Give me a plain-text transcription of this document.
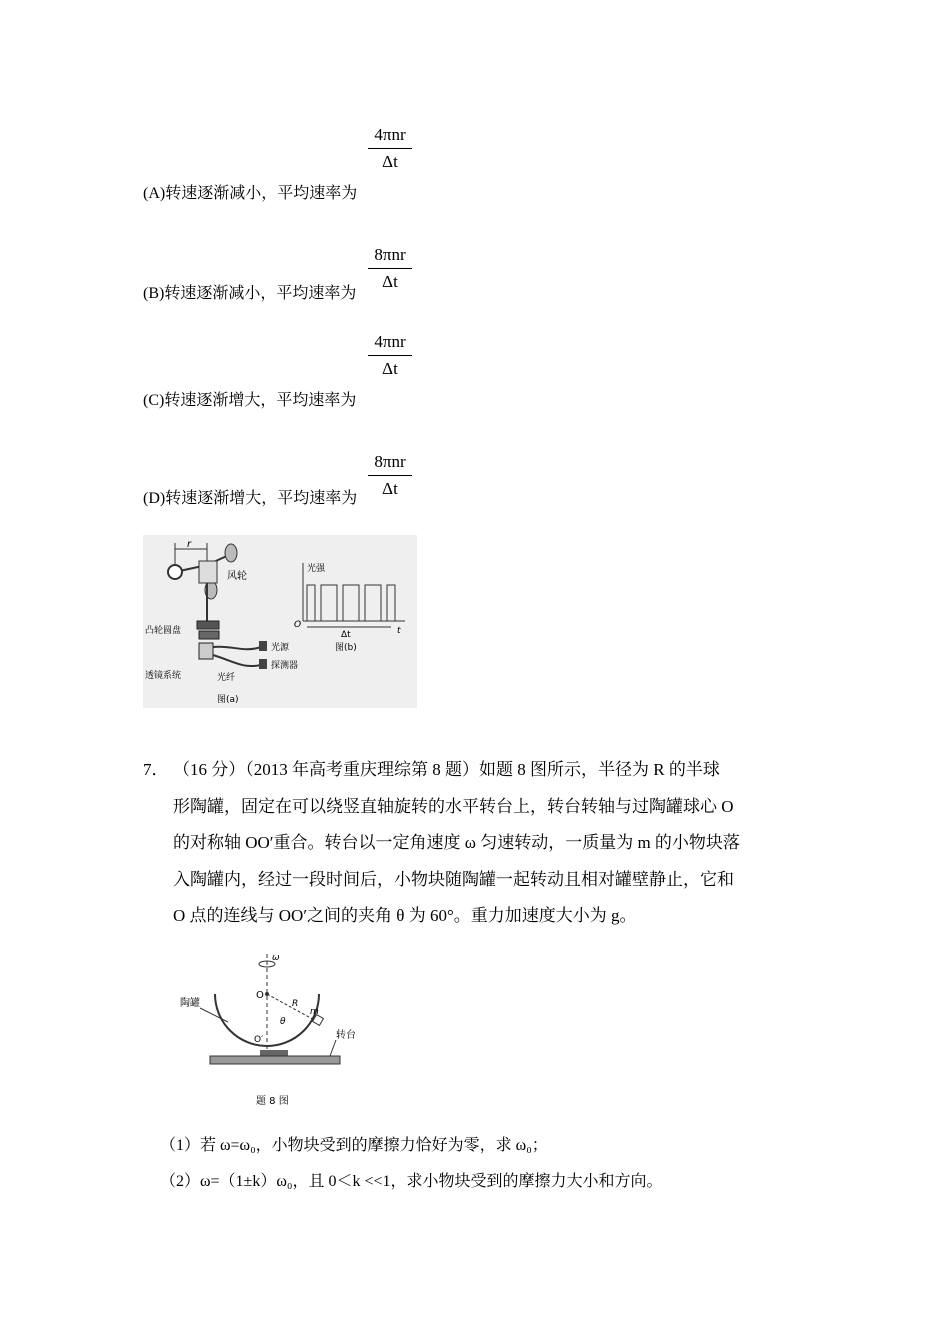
4πnr
Δt
(A)转速逐渐减小，平均速率为
8πnr
Δt
(B)转速逐渐减小，平均速率为
4πnr
Δt
(C)转速逐渐增大，平均速率为
8πnr
Δt
(D)转速逐渐增大，平均速率为
r
风轮
凸轮圆盘
透镜系统
光源
探测器
光纤
图(a)
光强
O
t
Δt
图(b)
7． （16 分）（2013 年高考重庆理综第 8 题）如题 8 图所示，半径为 R 的半球
形陶罐，固定在可以绕竖直轴旋转的水平转台上，转台转轴与过陶罐球心 O
的对称轴 OO′重合。转台以一定角速度 ω 匀速转动，一质量为 m 的小物块落
入陶罐内，经过一段时间后，小物块随陶罐一起转动且相对罐壁静止，它和
O 点的连线与 OO′之间的夹角 θ 为 60°。重力加速度大小为 g。
ω
O
R
m
θ
陶罐
O′	转台
题 8 图
（1）若 ω=ω₀，小物块受到的摩擦力恰好为零，求 ω₀；
（2）ω=（1±k）ω₀，且 0＜k <<1，求小物块受到的摩擦力大小和方向。
